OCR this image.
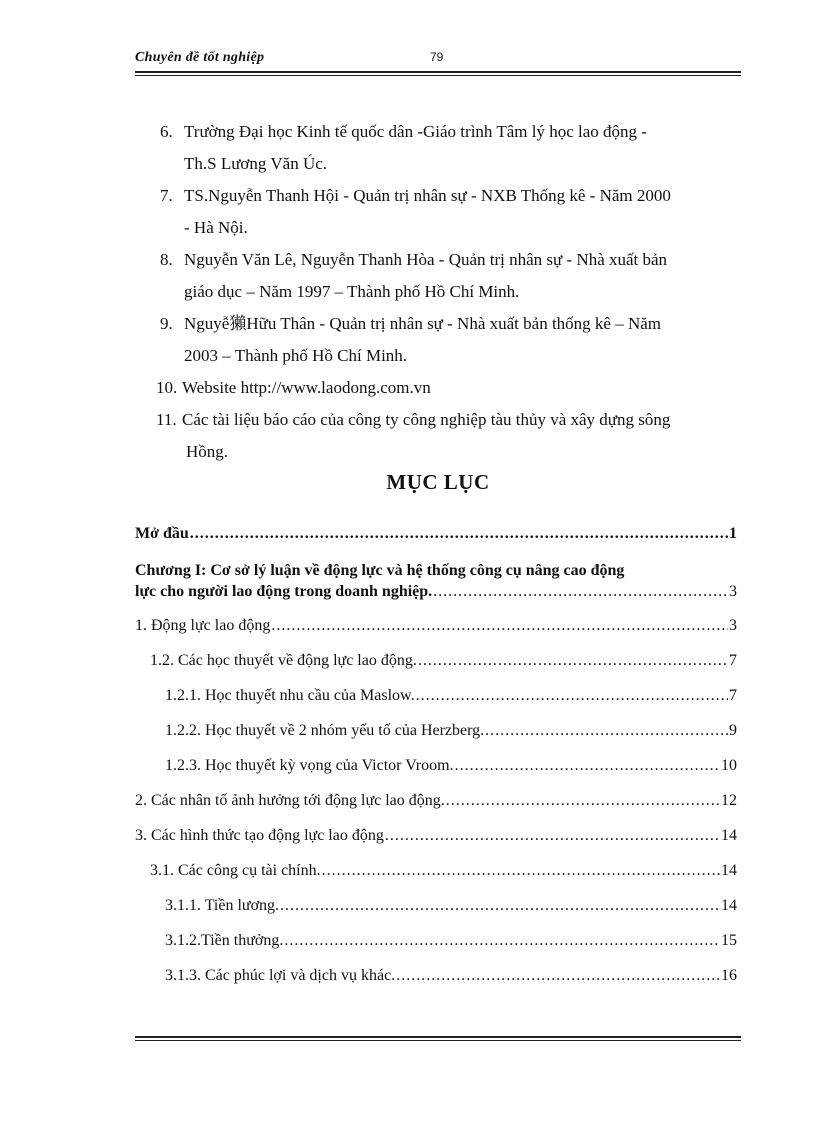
Chuyên đề tốt nghiệp	79
6. Trường Đại học Kinh tế quốc dân -Giáo trình Tâm lý học lao động -
Th.S Lương Văn Úc.
7. TS.Nguyễn Thanh Hội - Quản trị nhân sự - NXB Thống kê - Năm 2000
- Hà Nội.
8. Nguyễn Văn Lê, Nguyễn Thanh Hòa - Quản trị nhân sự - Nhà xuất bản
giáo dục – Năm 1997 – Thành phố Hồ Chí Minh.
9. Nguyễ獺Hữu Thân - Quản trị nhân sự - Nhà xuất bản thống kê – Năm
2003 – Thành phố Hồ Chí Minh.
10. Website http://www.laodong.com.vn
11. Các tài liệu báo cáo của công ty công nghiệp tàu thủy và xây dựng sông
Hồng.
MỤC LỤC
Mở đầu .....	1
Chương I: Cơ sở lý luận về động lực và hệ thống công cụ nâng cao động
lực cho người lao động trong doanh nghiệp. .....	3
1. Động lực lao động .....	3
1.2. Các học thuyết về động lực lao động. .....	7
1.2.1. Học thuyết nhu cầu của Maslow. .....	7
1.2.2. Học thuyết về 2 nhóm yếu tố của Herzberg. .....	9
1.2.3. Học thuyết kỳ vọng của Victor Vroom. .....	10
2. Các nhân tố ảnh hưởng tới động lực lao động. .....	12
3. Các hình thức tạo động lực lao động .....	14
3.1. Các công cụ tài chính. .....	14
3.1.1. Tiền lương. .....	14
3.1.2.Tiền thưởng. .....	15
3.1.3. Các phúc lợi và dịch vụ khác. .....	16
